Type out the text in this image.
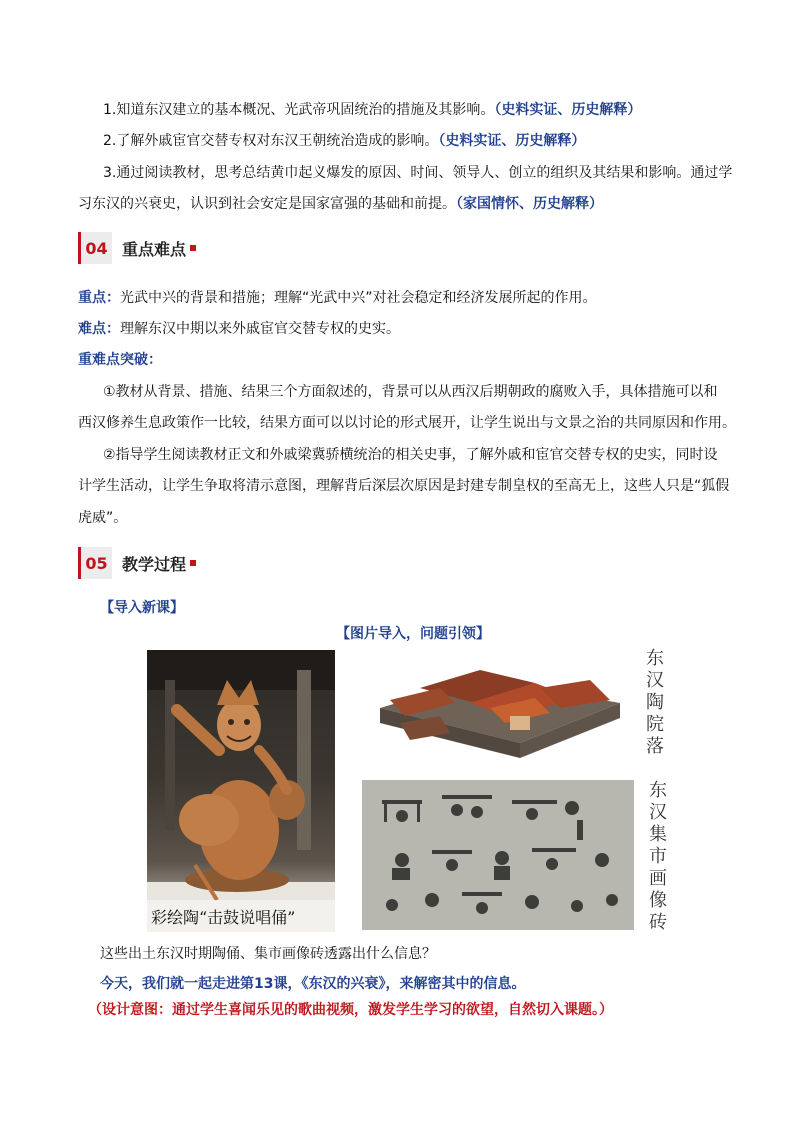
1.知道东汉建立的基本概况、光武帝巩固统治的措施及其影响。（史料实证、历史解释）
2.了解外戚宦官交替专权对东汉王朝统治造成的影响。（史料实证、历史解释）
3.通过阅读教材，思考总结黄巾起义爆发的原因、时间、领导人、创立的组织及其结果和影响。通过学
习东汉的兴衰史，认识到社会安定是国家富强的基础和前提。（家国情怀、历史解释）
04 重点难点
重点：光武中兴的背景和措施；理解“光武中兴”对社会稳定和经济发展所起的作用。
难点：理解东汉中期以来外戚宦官交替专权的史实。
重难点突破：
①教材从背景、措施、结果三个方面叙述的，背景可以从西汉后期朝政的腐败入手，具体措施可以和
西汉修养生息政策作一比较，结果方面可以以讨论的形式展开，让学生说出与文景之治的共同原因和作用。
②指导学生阅读教材正文和外戚梁冀骄横统治的相关史事，了解外戚和宦官交替专权的史实，同时设
计学生活动，让学生争取将清示意图，理解背后深层次原因是封建专制皇权的至高无上，这些人只是“狐假
虎威”。
05 教学过程
【导入新课】
【图片导入，问题引领】
彩绘陶“击鼓说唱俑”
东汉陶院落
东汉集市画像砖
这些出土东汉时期陶俑、集市画像砖透露出什么信息？
今天，我们就一起走进第13课，《东汉的兴衰》，来解密其中的信息。
（设计意图：通过学生喜闻乐见的歌曲视频，激发学生学习的欲望，自然切入课题。）
